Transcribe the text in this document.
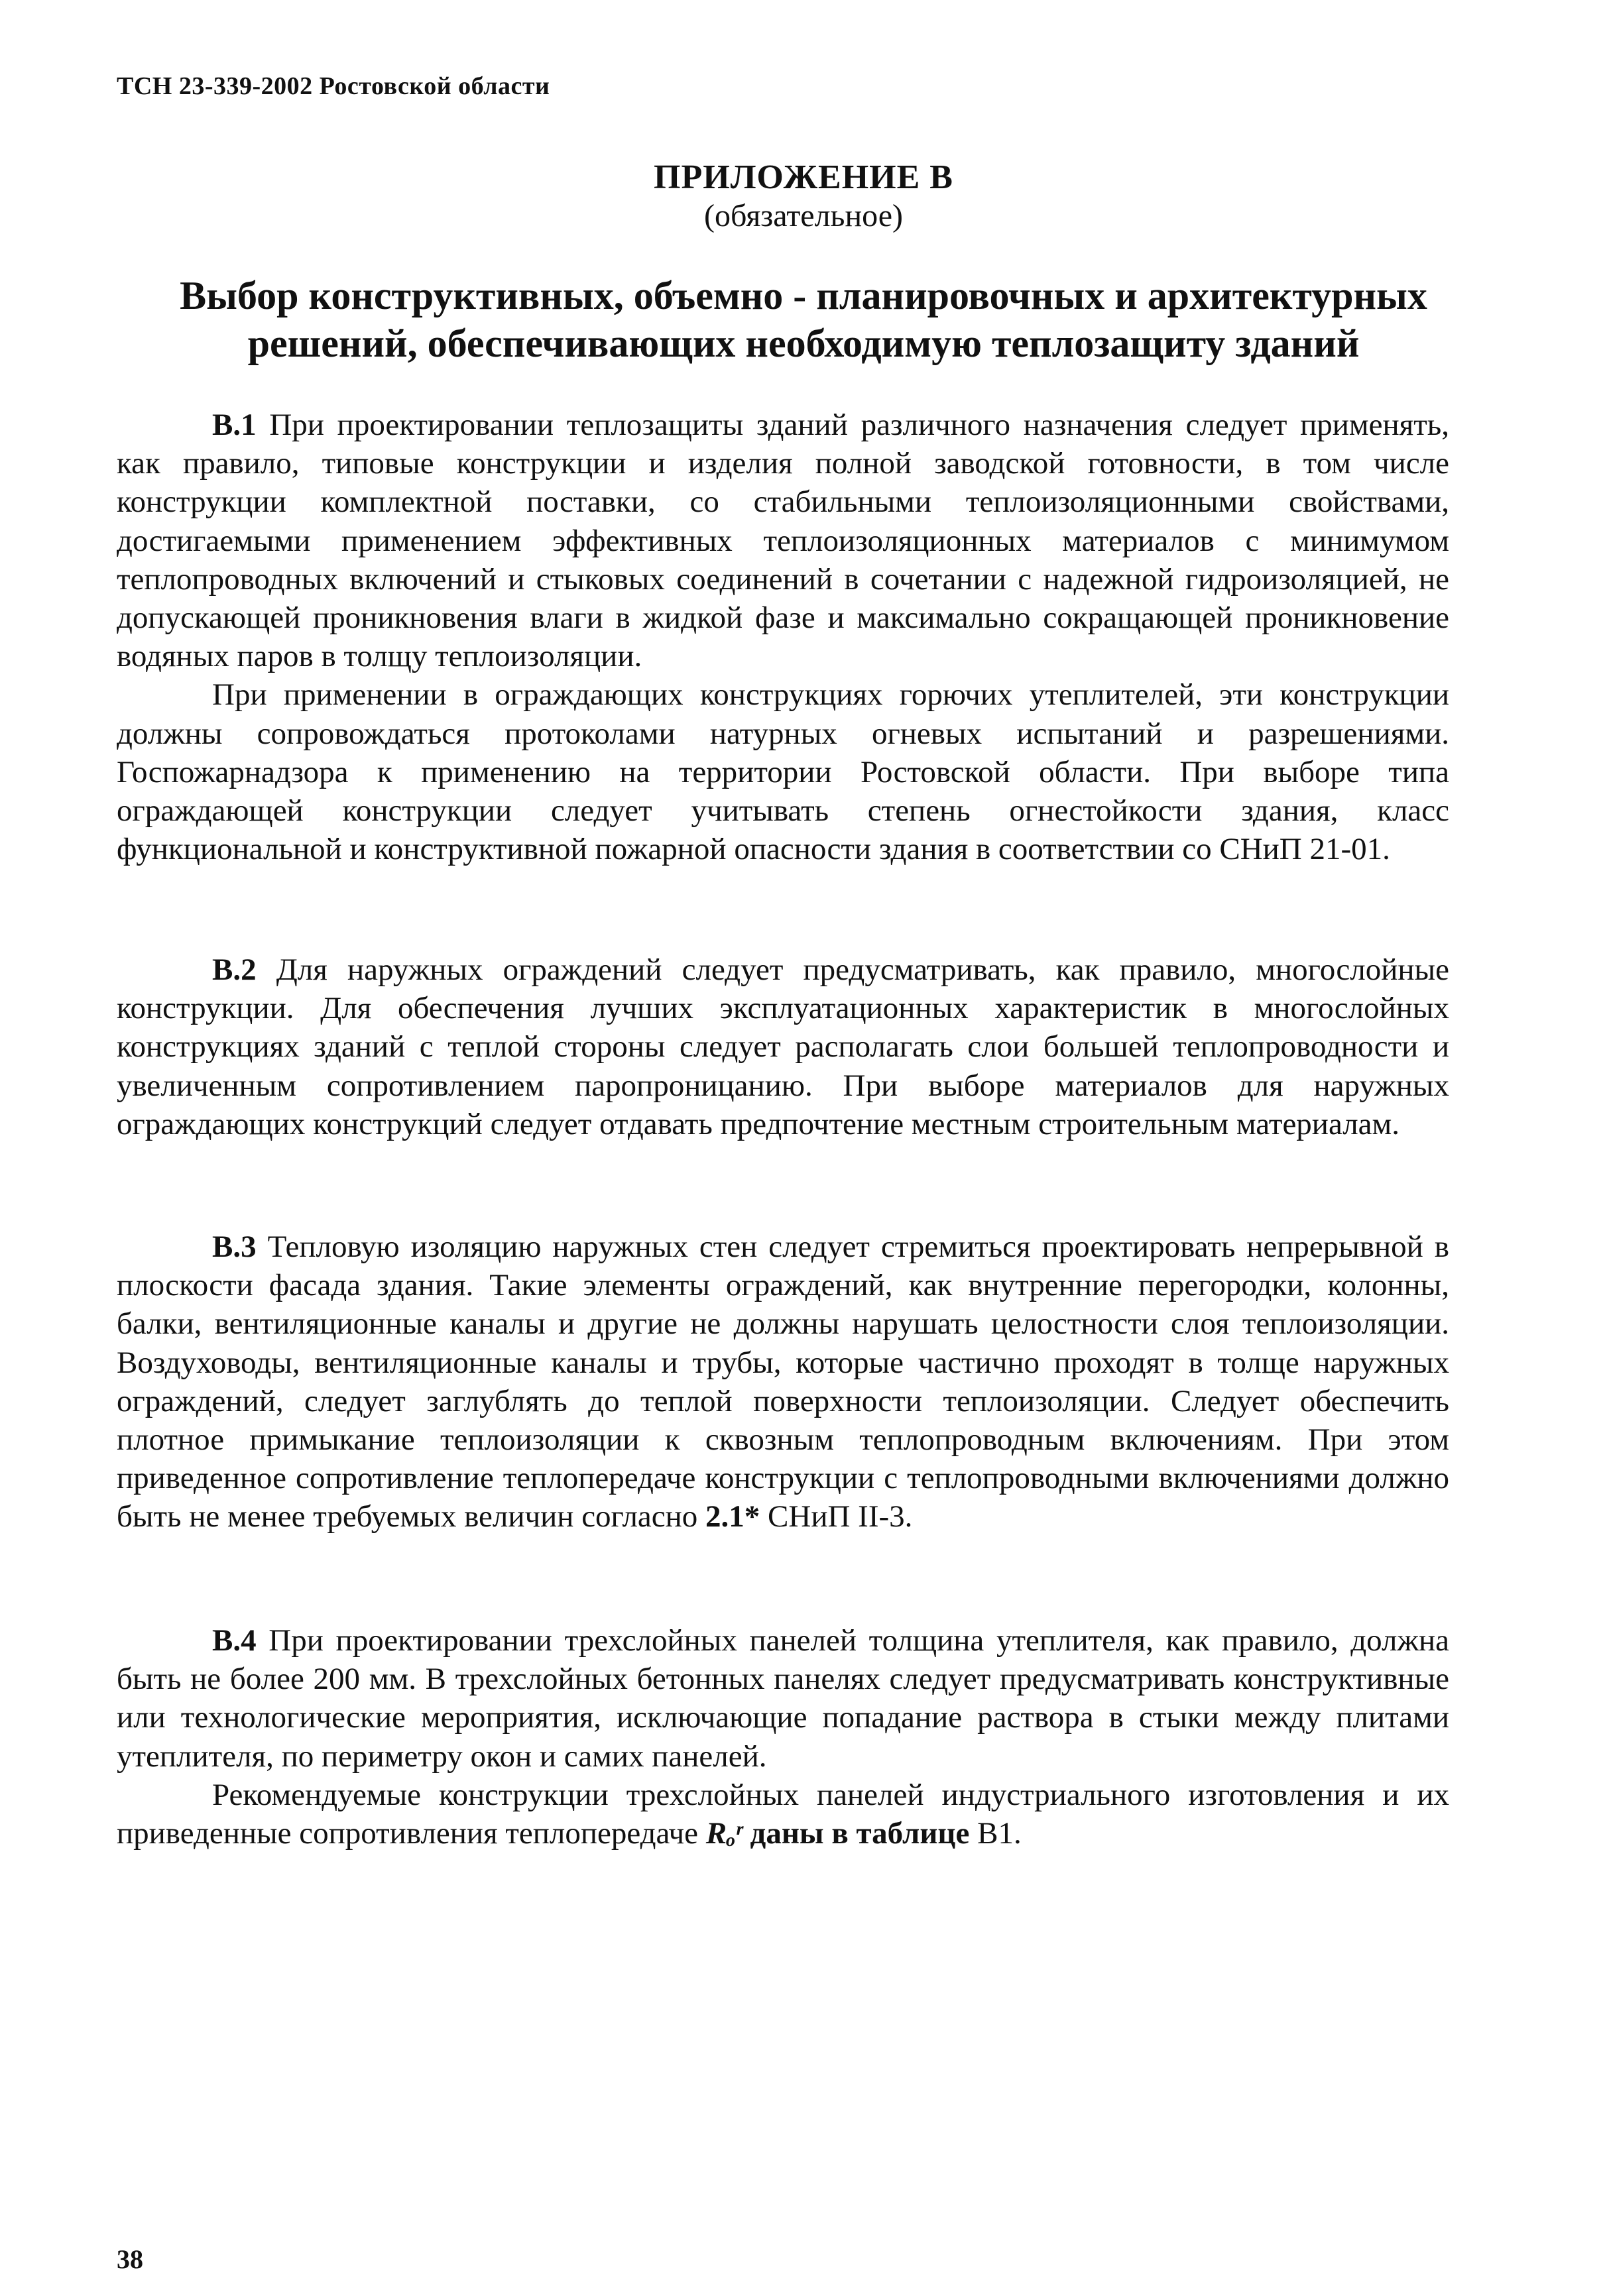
ТСН 23-339-2002 Ростовской области
ПРИЛОЖЕНИЕ В
(обязательное)
Выбор конструктивных, объемно - планировочных и архитектурных решений, обеспечивающих необходимую теплозащиту зданий

В.1 При проектировании теплозащиты зданий различного назначения следует применять, как правило, типовые конструкции и изделия полной заводской готовности, в том числе конструкции комплектной поставки, со стабильными теплоизоляционными свойствами, достигаемыми применением эффективных теплоизоляционных материалов с минимумом теплопроводных включений и стыковых соединений в сочетании с надежной гидроизоляцией, не допускающей проникновения влаги в жидкой фазе и максимально сокращающей проникновение водяных паров в толщу теплоизоляции.

При применении в ограждающих конструкциях горючих утеплителей, эти конструкции должны сопровождаться протоколами натурных огневых испытаний и разрешениями. Госпожарнадзора к применению на территории Ростовской области. При выборе типа ограждающей конструкции следует учитывать степень огнестойкости здания, класс функциональной и конструктивной пожарной опасности здания в соответствии со СНиП 21-01.

В.2 Для наружных ограждений следует предусматривать, как правило, многослойные конструкции. Для обеспечения лучших эксплуатационных характеристик в многослойных конструкциях зданий с теплой стороны следует располагать слои большей теплопроводности и увеличенным сопротивлением паропроницанию. При выборе материалов для наружных ограждающих конструкций следует отдавать предпочтение местным строительным материалам.

В.3 Тепловую изоляцию наружных стен следует стремиться проектировать непрерывной в плоскости фасада здания. Такие элементы ограждений, как внутренние перегородки, колонны, балки, вентиляционные каналы и другие не должны нарушать целостности слоя теплоизоляции. Воздуховоды, вентиляционные каналы и трубы, которые частично проходят в толще наружных ограждений, следует заглублять до теплой поверхности теплоизоляции. Следует обеспечить плотное примыкание теплоизоляции к сквозным теплопроводным включениям. При этом приведенное сопротивление теплопередаче конструкции с теплопроводными включениями должно быть не менее требуемых величин согласно 2.1* СНиП II-3.

В.4 При проектировании трехслойных панелей толщина утеплителя, как правило, должна быть не более 200 мм. В трехслойных бетонных панелях следует предусматривать конструктивные или технологические мероприятия, исключающие попадание раствора в стыки между плитами утеплителя, по периметру окон и самих панелей.

Рекомендуемые конструкции трехслойных панелей индустриального изготовления и их приведенные сопротивления теплопередаче Rₒʳ даны в таблице В1.

38
